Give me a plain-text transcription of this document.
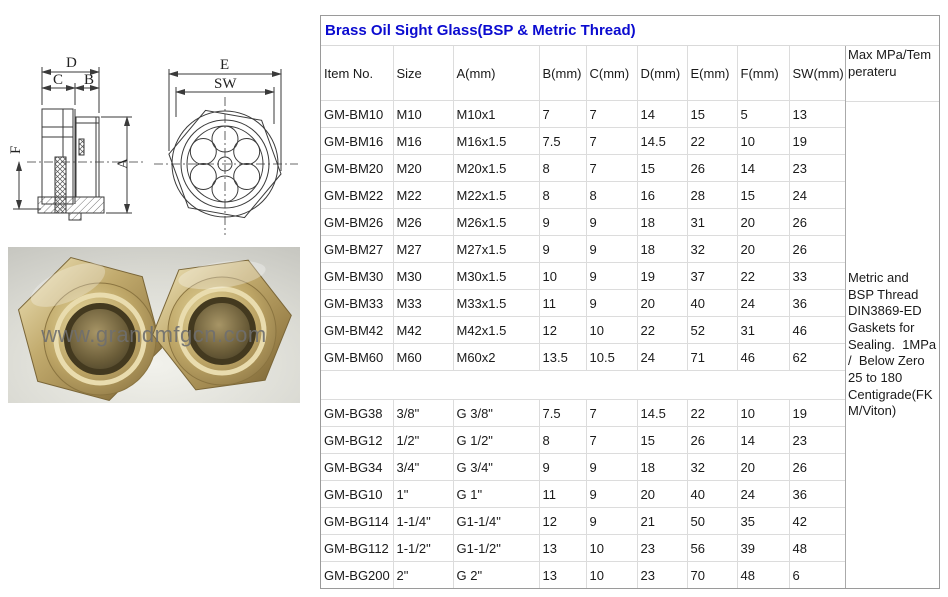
D
C B
A
F
E
SW
www.grandmfgcn.com
Brass Oil Sight Glass(BSP & Metric Thread)
Item No.	Size	A(mm)	B(mm)	C(mm)	D(mm)	E(mm)	F(mm)	SW(mm)
GM-BM10	M10	M10x1	7	7	14	15	5	13
GM-BM16	M16	M16x1.5	7.5	7	14.5	22	10	19
GM-BM20	M20	M20x1.5	8	7	15	26	14	23
GM-BM22	M22	M22x1.5	8	8	16	28	15	24
GM-BM26	M26	M26x1.5	9	9	18	31	20	26
GM-BM27	M27	M27x1.5	9	9	18	32	20	26
GM-BM30	M30	M30x1.5	10	9	19	37	22	33
GM-BM33	M33	M33x1.5	11	9	20	40	24	36
GM-BM42	M42	M42x1.5	12	10	22	52	31	46
GM-BM60	M60	M60x2	13.5	10.5	24	71	46	62

GM-BG38	3/8"	G 3/8"	7.5	7	14.5	22	10	19
GM-BG12	1/2"	G 1/2"	8	7	15	26	14	23
GM-BG34	3/4"	G 3/4"	9	9	18	32	20	26
GM-BG10	1"	G 1"	11	9	20	40	24	36
GM-BG114	1-1/4"	G1-1/4"	12	9	21	50	35	42
GM-BG112	1-1/2"	G1-1/2"	13	10	23	56	39	48
GM-BG200	2"	G 2"	13	10	23	70	48	6
Max MPa/Temperateru
Metric and BSP Thread DIN3869-ED Gaskets for Sealing.  1MPa  /  Below Zero 25 to 180 Centigrade(FKM/Viton)
